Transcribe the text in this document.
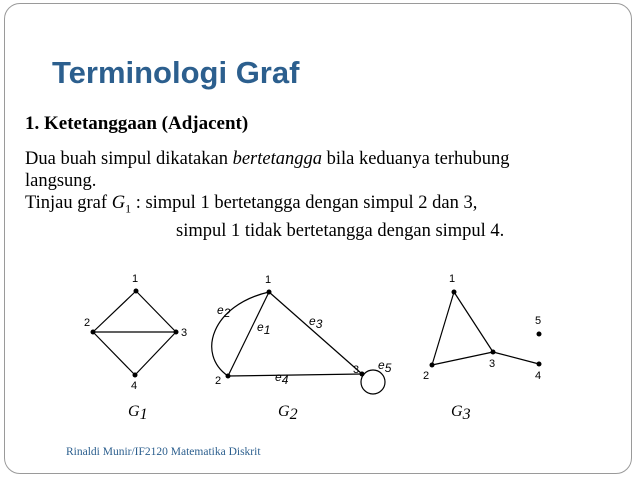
Terminologi Graf
1. Ketetanggaan (Adjacent)
Dua buah simpul dikatakan bertetangga bila keduanya terhubung
langsung.
Tinjau graf $G_1$ : simpul 1 bertetangga dengan simpul 2 dan 3,
simpul 1 tidak bertetangga dengan simpul 4.
1
2
3
4
G1
1
2
3
e1
e2
e3
e4
e5
G2
1
2
3
4
5
G3
Rinaldi Munir/IF2120 Matematika Diskrit
